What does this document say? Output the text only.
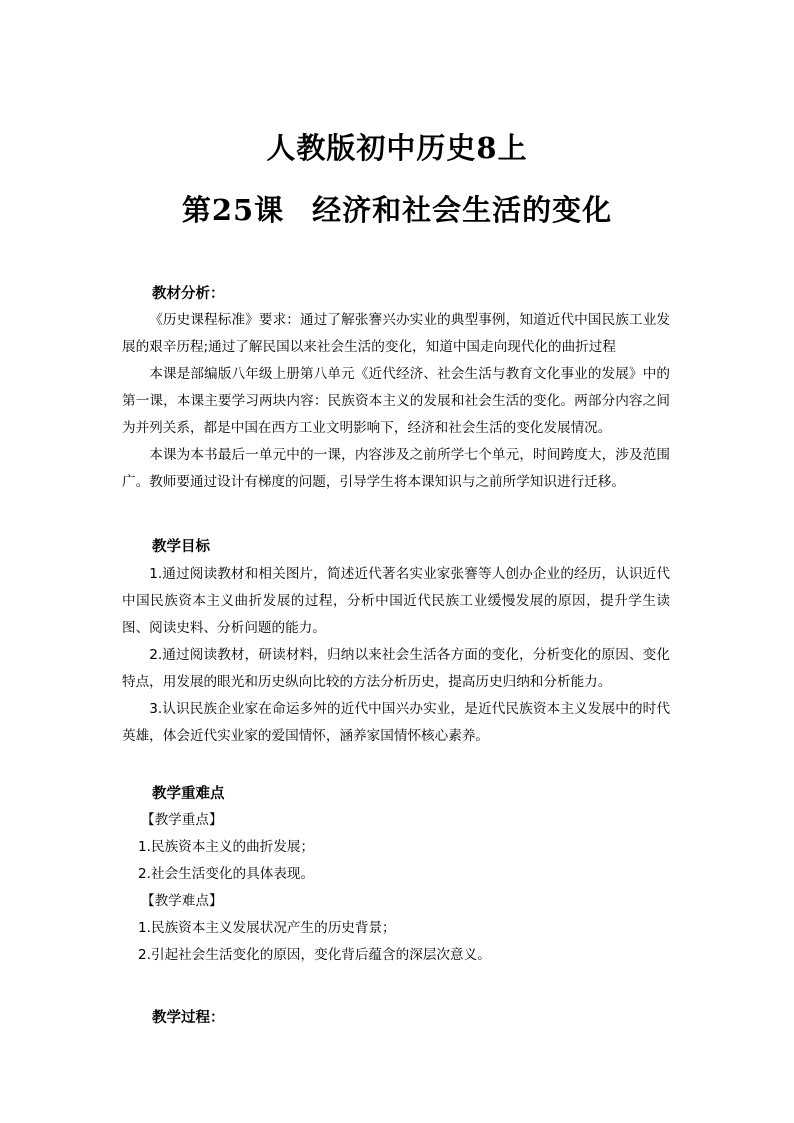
人教版初中历史8上
第25课 经济和社会生活的变化
教材分析：
《历史课程标准》要求：通过了解张謇兴办实业的典型事例，知道近代中国民族工业发展的艰辛历程;通过了解民国以来社会生活的变化，知道中国走向现代化的曲折过程
本课是部编版八年级上册第八单元《近代经济、社会生活与教育文化事业的发展》中的第一课，本课主要学习两块内容：民族资本主义的发展和社会生活的变化。两部分内容之间为并列关系，都是中国在西方工业文明影响下，经济和社会生活的变化发展情况。
本课为本书最后一单元中的一课，内容涉及之前所学七个单元，时间跨度大，涉及范围广。教师要通过设计有梯度的问题，引导学生将本课知识与之前所学知识进行迁移。
教学目标
1.通过阅读教材和相关图片，简述近代著名实业家张謇等人创办企业的经历，认识近代中国民族资本主义曲折发展的过程，分析中国近代民族工业缓慢发展的原因，提升学生读图、阅读史料、分析问题的能力。
2.通过阅读教材，研读材料，归纳以来社会生活各方面的变化，分析变化的原因、变化特点，用发展的眼光和历史纵向比较的方法分析历史，提高历史归纳和分析能力。
3.认识民族企业家在命运多舛的近代中国兴办实业，是近代民族资本主义发展中的时代英雄，体会近代实业家的爱国情怀，涵养家国情怀核心素养。
教学重难点
【教学重点】
1.民族资本主义的曲折发展；
2.社会生活变化的具体表现。
【教学难点】
1.民族资本主义发展状况产生的历史背景；
2.引起社会生活变化的原因，变化背后蕴含的深层次意义。
教学过程：
